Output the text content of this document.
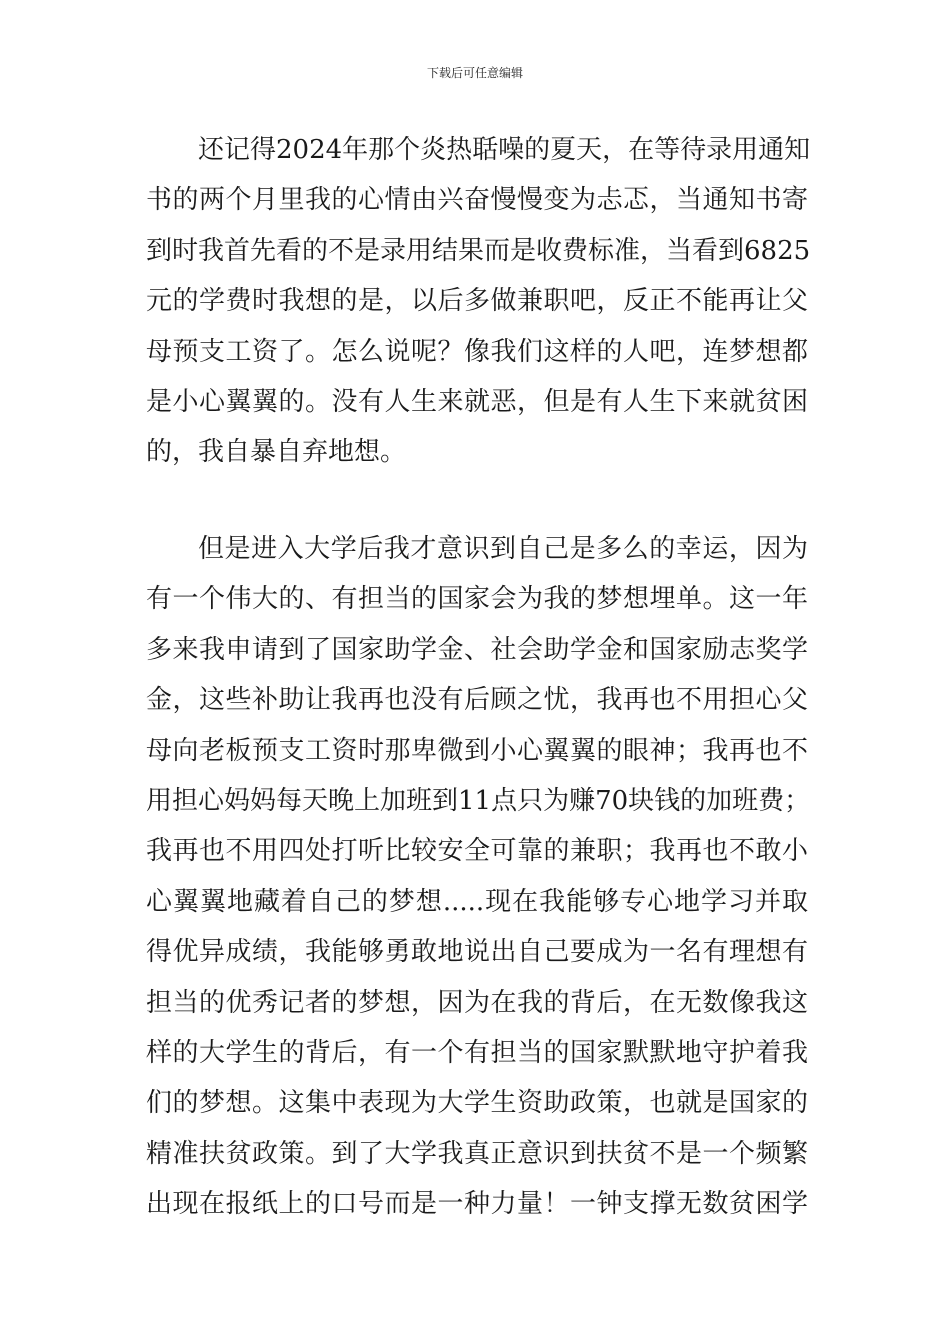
下载后可任意编辑
还记得2024年那个炎热聒噪的夏天，在等待录用通知
书的两个月里我的心情由兴奋慢慢变为忐忑，当通知书寄
到时我首先看的不是录用结果而是收费标准，当看到6825
元的学费时我想的是，以后多做兼职吧，反正不能再让父
母预支工资了。怎么说呢？像我们这样的人吧，连梦想都
是小心翼翼的。没有人生来就恶，但是有人生下来就贫困
的，我自暴自弃地想。
但是进入大学后我才意识到自己是多么的幸运，因为
有一个伟大的、有担当的国家会为我的梦想埋单。这一年
多来我申请到了国家助学金、社会助学金和国家励志奖学
金，这些补助让我再也没有后顾之忧，我再也不用担心父
母向老板预支工资时那卑微到小心翼翼的眼神；我再也不
用担心妈妈每天晚上加班到11点只为赚70块钱的加班费；
我再也不用四处打听比较安全可靠的兼职；我再也不敢小
心翼翼地藏着自己的梦想.....现在我能够专心地学习并取
得优异成绩，我能够勇敢地说出自己要成为一名有理想有
担当的优秀记者的梦想，因为在我的背后，在无数像我这
样的大学生的背后，有一个有担当的国家默默地守护着我
们的梦想。这集中表现为大学生资助政策，也就是国家的
精准扶贫政策。到了大学我真正意识到扶贫不是一个频繁
出现在报纸上的口号而是一种力量！一钟支撑无数贫困学
